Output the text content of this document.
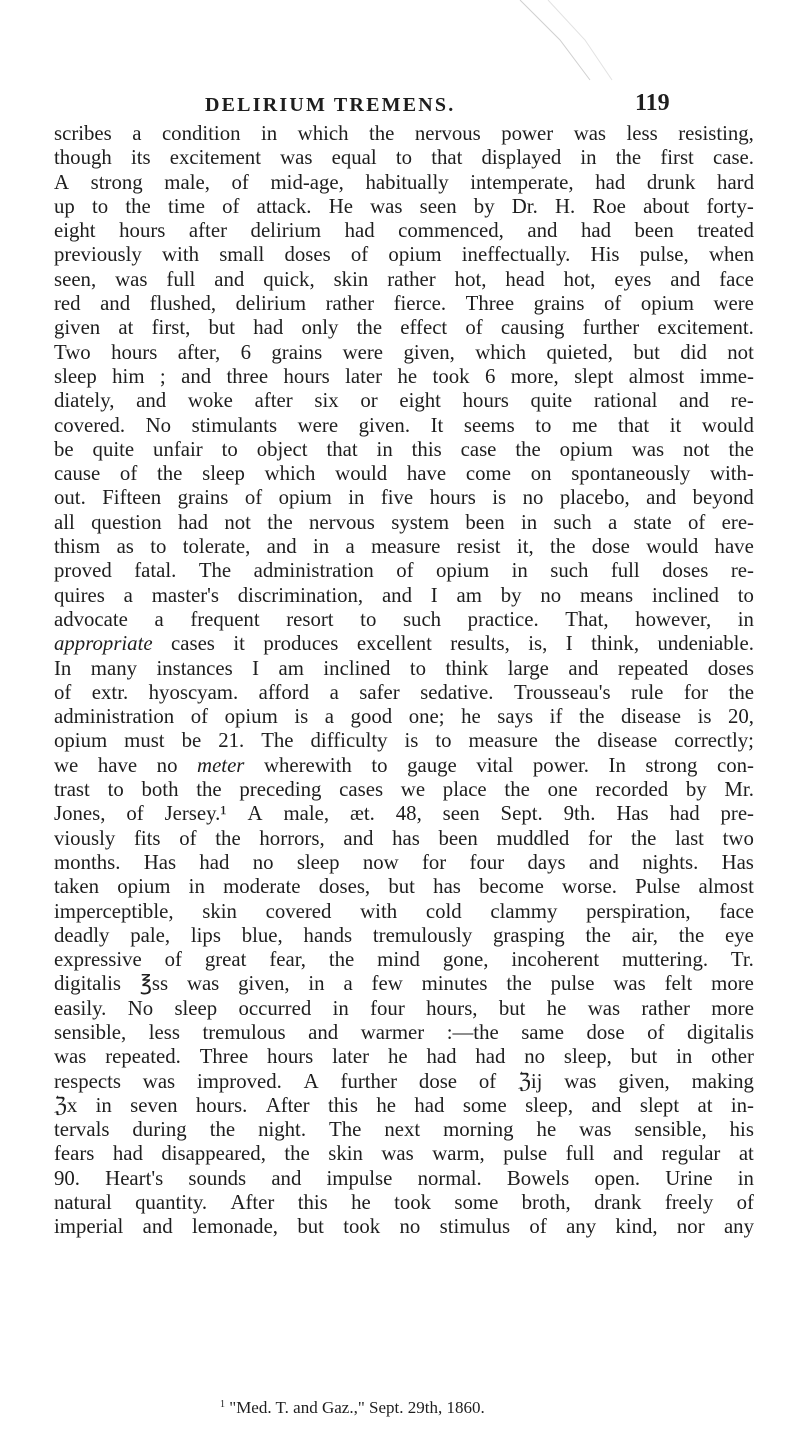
DELIRIUM TREMENS.	119
scribes a condition in which the nervous power was less resisting,
though its excitement was equal to that displayed in the first case.
A strong male, of mid-age, habitually intemperate, had drunk hard
up to the time of attack. He was seen by Dr. H. Roe about forty-
eight hours after delirium had commenced, and had been treated
previously with small doses of opium ineffectually. His pulse, when
seen, was full and quick, skin rather hot, head hot, eyes and face
red and flushed, delirium rather fierce. Three grains of opium were
given at first, but had only the effect of causing further excitement.
Two hours after, 6 grains were given, which quieted, but did not
sleep him ; and three hours later he took 6 more, slept almost imme-
diately, and woke after six or eight hours quite rational and re-
covered. No stimulants were given. It seems to me that it would
be quite unfair to object that in this case the opium was not the
cause of the sleep which would have come on spontaneously with-
out. Fifteen grains of opium in five hours is no placebo, and beyond
all question had not the nervous system been in such a state of ere-
thism as to tolerate, and in a measure resist it, the dose would have
proved fatal. The administration of opium in such full doses re-
quires a master's discrimination, and I am by no means inclined to
advocate a frequent resort to such practice. That, however, in
appropriate cases it produces excellent results, is, I think, undeniable.
In many instances I am inclined to think large and repeated doses
of extr. hyoscyam. afford a safer sedative. Trousseau's rule for the
administration of opium is a good one; he says if the disease is 20,
opium must be 21. The difficulty is to measure the disease correctly;
we have no meter wherewith to gauge vital power. In strong con-
trast to both the preceding cases we place the one recorded by Mr.
Jones, of Jersey.¹ A male, æt. 48, seen Sept. 9th. Has had pre-
viously fits of the horrors, and has been muddled for the last two
months. Has had no sleep now for four days and nights. Has
taken opium in moderate doses, but has become worse. Pulse almost
imperceptible, skin covered with cold clammy perspiration, face
deadly pale, lips blue, hands tremulously grasping the air, the eye
expressive of great fear, the mind gone, incoherent muttering. Tr.
digitalis ℥ss was given, in a few minutes the pulse was felt more
easily. No sleep occurred in four hours, but he was rather more
sensible, less tremulous and warmer :—the same dose of digitalis
was repeated. Three hours later he had had no sleep, but in other
respects was improved. A further dose of ℨij was given, making
ℨx in seven hours. After this he had some sleep, and slept at in-
tervals during the night. The next morning he was sensible, his
fears had disappeared, the skin was warm, pulse full and regular at
90. Heart's sounds and impulse normal. Bowels open. Urine in
natural quantity. After this he took some broth, drank freely of
imperial and lemonade, but took no stimulus of any kind, nor any
$^1$ "Med. T. and Gaz.," Sept. 29th, 1860.
